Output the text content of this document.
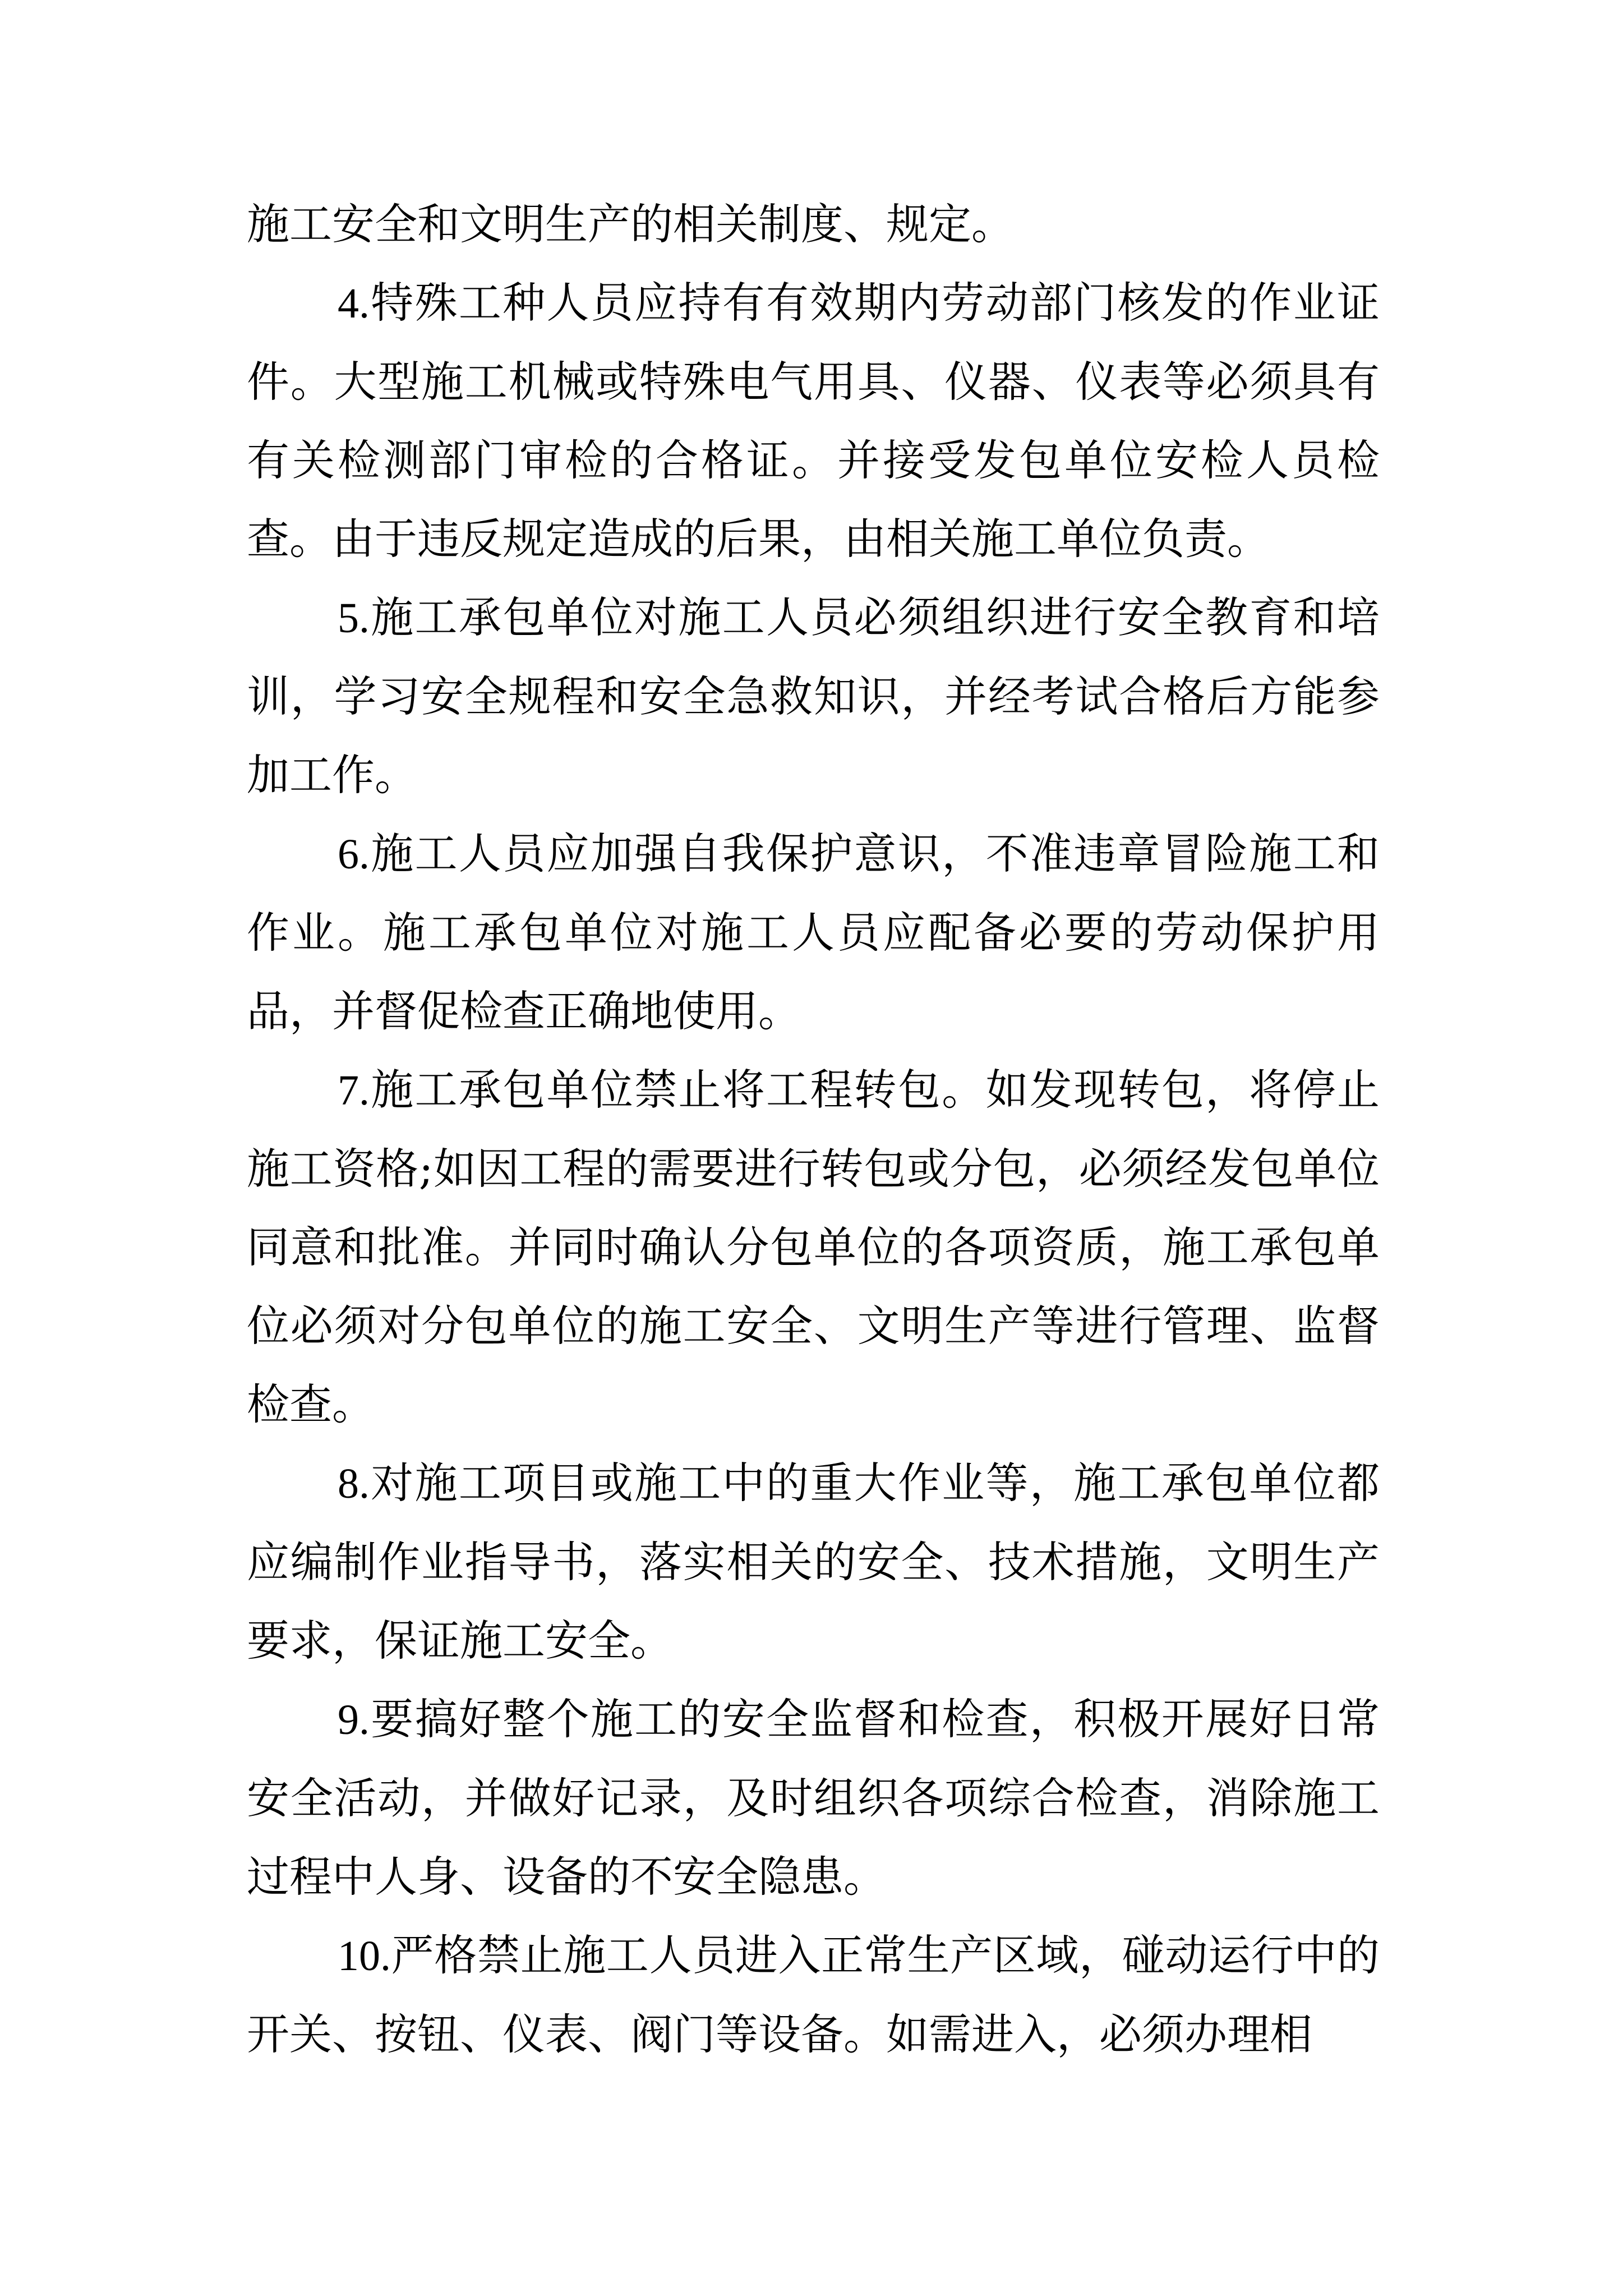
施工安全和文明生产的相关制度、规定。

4.特殊工种人员应持有有效期内劳动部门核发的作业证件。大型施工机械或特殊电气用具、仪器、仪表等必须具有有关检测部门审检的合格证。并接受发包单位安检人员检查。由于违反规定造成的后果，由相关施工单位负责。

5.施工承包单位对施工人员必须组织进行安全教育和培训，学习安全规程和安全急救知识，并经考试合格后方能参加工作。

6.施工人员应加强自我保护意识，不准违章冒险施工和作业。施工承包单位对施工人员应配备必要的劳动保护用品，并督促检查正确地使用。

7.施工承包单位禁止将工程转包。如发现转包，将停止施工资格;如因工程的需要进行转包或分包，必须经发包单位同意和批准。并同时确认分包单位的各项资质，施工承包单位必须对分包单位的施工安全、文明生产等进行管理、监督检查。

8.对施工项目或施工中的重大作业等，施工承包单位都应编制作业指导书，落实相关的安全、技术措施，文明生产要求，保证施工安全。

9.要搞好整个施工的安全监督和检查，积极开展好日常安全活动，并做好记录，及时组织各项综合检查，消除施工过程中人身、设备的不安全隐患。

10.严格禁止施工人员进入正常生产区域，碰动运行中的开关、按钮、仪表、阀门等设备。如需进入，必须办理相
